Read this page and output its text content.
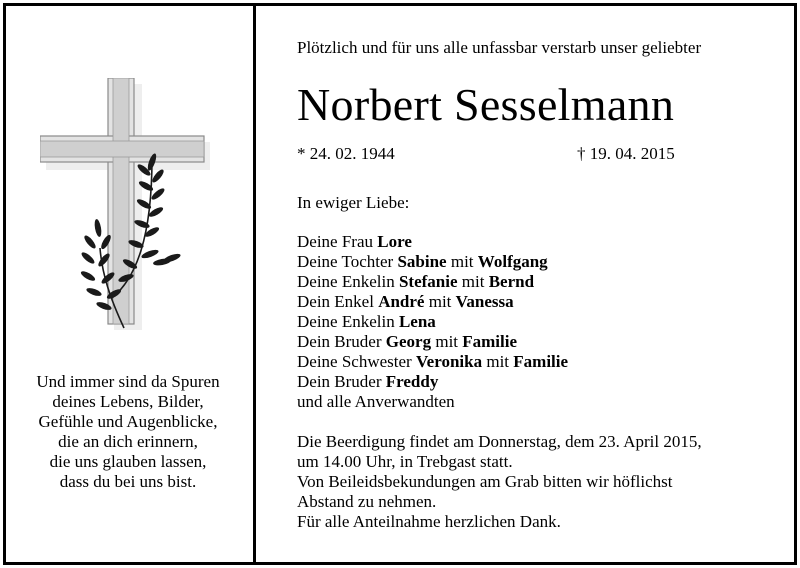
Und immer sind da Spuren
deines Lebens, Bilder,
Gefühle und Augenblicke,
die an dich erinnern,
die uns glauben lassen,
dass du bei uns bist.
Plötzlich und für uns alle unfassbar verstarb unser geliebter
Norbert Sesselmann
* 24. 02. 1944	† 19. 04. 2015
In ewiger Liebe:
Deine Frau Lore
Deine Tochter Sabine mit Wolfgang
Deine Enkelin Stefanie mit Bernd
Dein Enkel André mit Vanessa
Deine Enkelin Lena
Dein Bruder Georg mit Familie
Deine Schwester Veronika mit Familie
Dein Bruder Freddy
und alle Anverwandten
Die Beerdigung findet am Donnerstag, dem 23. April 2015,
um 14.00 Uhr, in Trebgast statt.
Von Beileidsbekundungen am Grab bitten wir höflichst
Abstand zu nehmen.
Für alle Anteilnahme herzlichen Dank.
